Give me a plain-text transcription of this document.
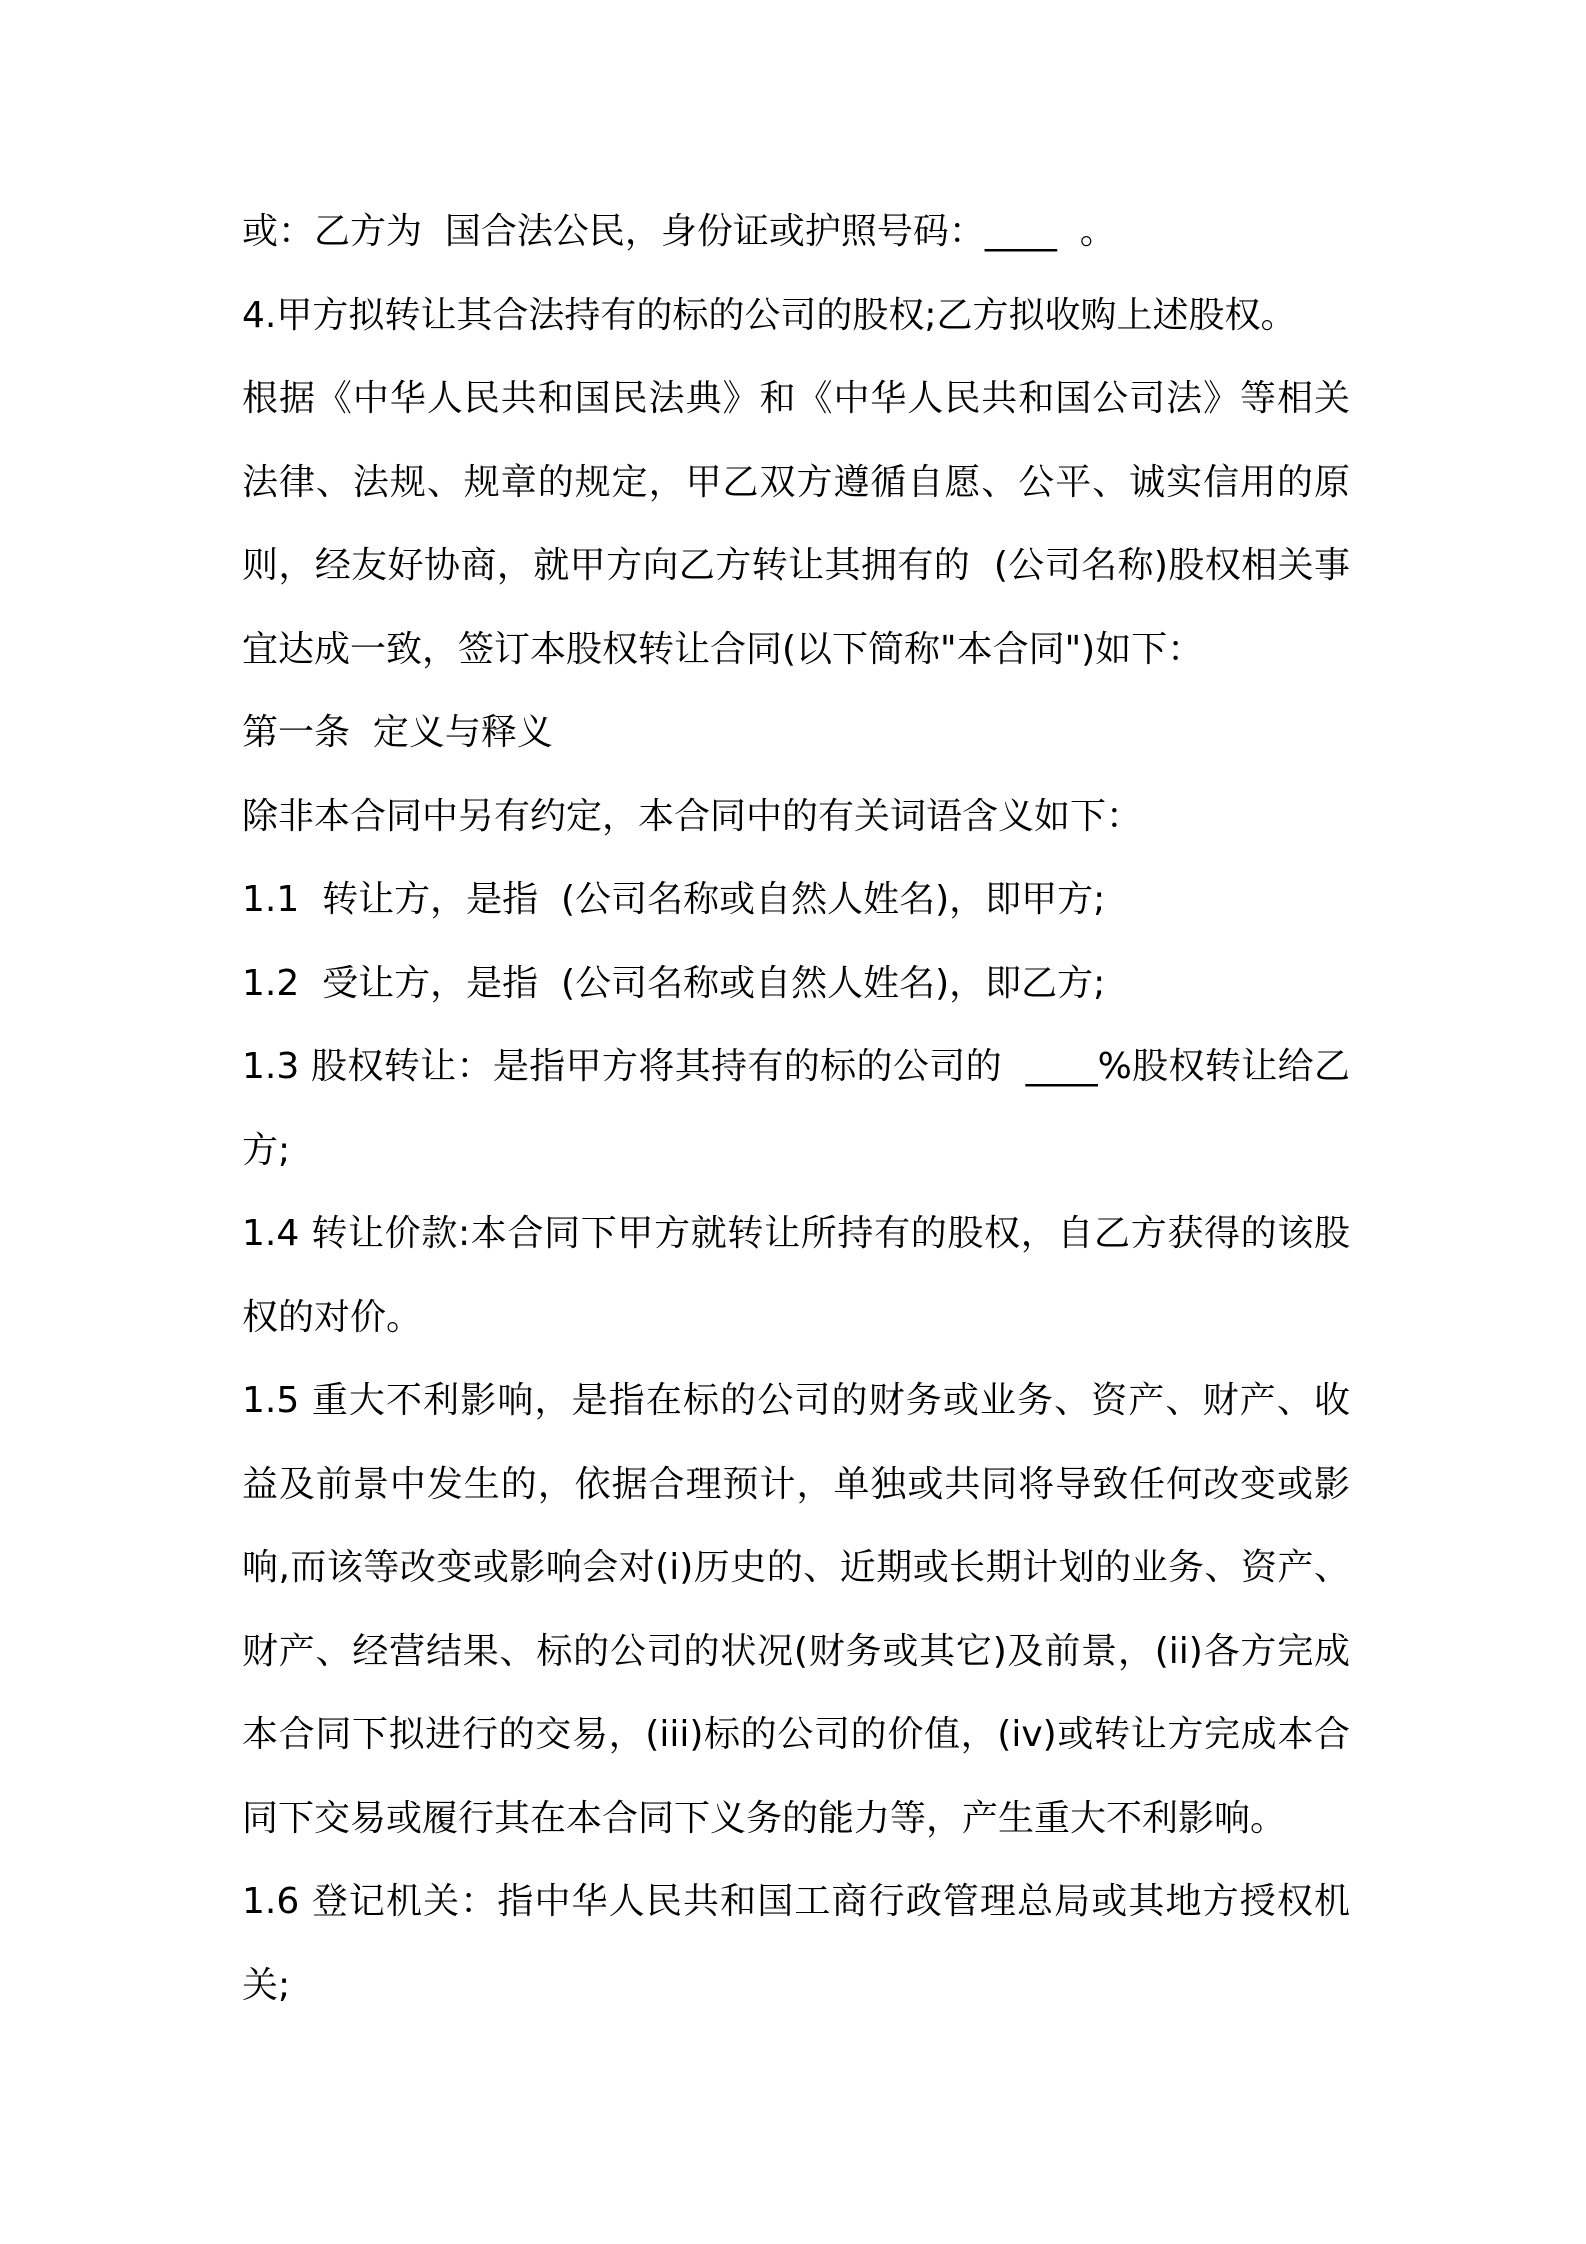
或：乙方为  国合法公民，身份证或护照号码：____  。

4.甲方拟转让其合法持有的标的公司的股权;乙方拟收购上述股权。

根据《中华人民共和国民法典》和《中华人民共和国公司法》等相关法律、法规、规章的规定，甲乙双方遵循自愿、公平、诚实信用的原则，经友好协商，就甲方向乙方转让其拥有的  (公司名称)股权相关事宜达成一致，签订本股权转让合同(以下简称"本合同")如下：

第一条  定义与释义

除非本合同中另有约定，本合同中的有关词语含义如下：

1.1  转让方，是指  (公司名称或自然人姓名)，即甲方;

1.2  受让方，是指  (公司名称或自然人姓名)，即乙方;

1.3 股权转让：是指甲方将其持有的标的公司的  ____%股权转让给乙方;

1.4 转让价款:本合同下甲方就转让所持有的股权，自乙方获得的该股权的对价。

1.5 重大不利影响，是指在标的公司的财务或业务、资产、财产、收益及前景中发生的，依据合理预计，单独或共同将导致任何改变或影响,而该等改变或影响会对(i)历史的、近期或长期计划的业务、资产、财产、经营结果、标的公司的状况(财务或其它)及前景，(ii)各方完成本合同下拟进行的交易，(iii)标的公司的价值，(iv)或转让方完成本合同下交易或履行其在本合同下义务的能力等，产生重大不利影响。

1.6 登记机关：指中华人民共和国工商行政管理总局或其地方授权机关;
